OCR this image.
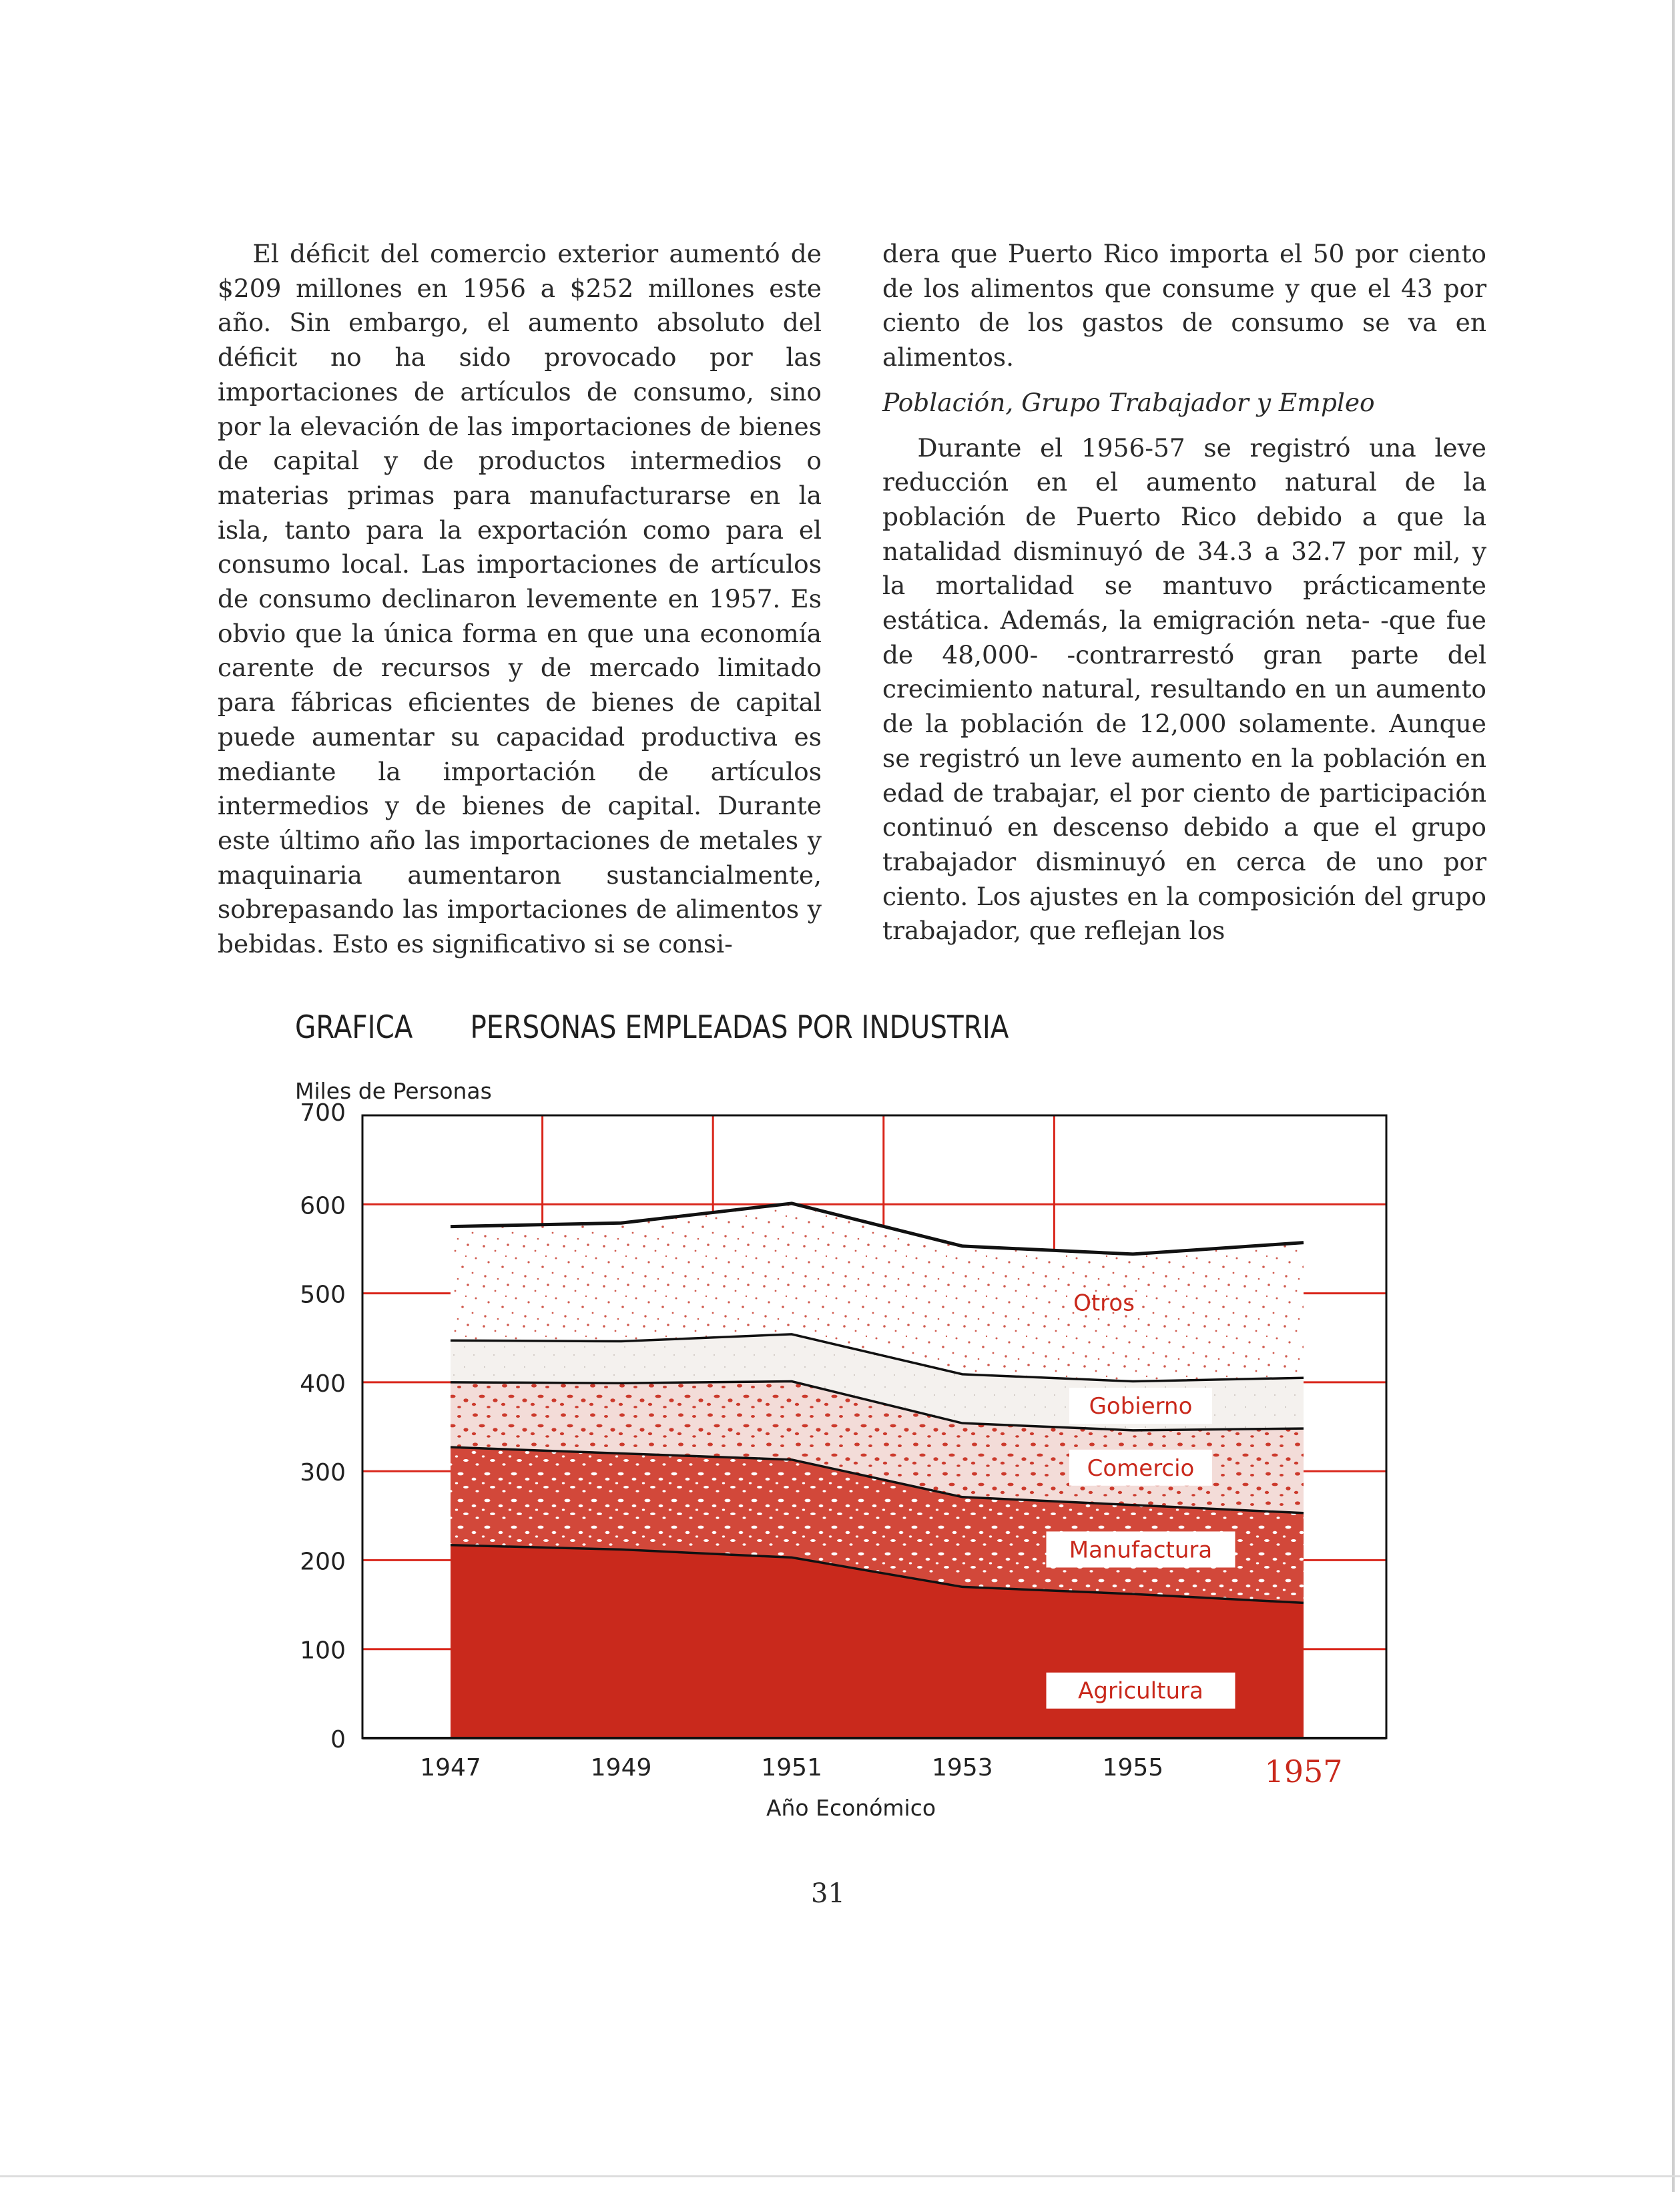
El déficit del comercio exterior aumentó de $209 millones en 1956 a $252 millones este año. Sin embargo, el aumento absoluto del déficit no ha sido provocado por las importaciones de artículos de consumo, sino por la elevación de las importaciones de bienes de capital y de productos intermedios o materias primas para manufacturarse en la isla, tanto para la exportación como para el consumo local. Las importaciones de artículos de consumo declinaron levemente en 1957. Es obvio que la única forma en que una economía carente de recursos y de mercado limitado para fábricas eficientes de bienes de capital puede aumentar su capacidad productiva es mediante la importación de artículos intermedios y de bienes de capital. Durante este último año las importaciones de metales y maquinaria aumentaron sustancialmente, sobrepasando las importaciones de alimentos y bebidas. Esto es significativo si se consi-

dera que Puerto Rico importa el 50 por ciento de los alimentos que consume y que el 43 por ciento de los gastos de consumo se va en alimentos.

Población, Grupo Trabajador y Empleo

Durante el 1956-57 se registró una leve reducción en el aumento natural de la población de Puerto Rico debido a que la natalidad disminuyó de 34.3 a 32.7 por mil, y la mortalidad se mantuvo prácticamente estática. Además, la emigración neta- -que fue de 48,000- -contrarrestó gran parte del crecimiento natural, resultando en un aumento de la población de 12,000 solamente. Aunque se registró un leve aumento en la población en edad de trabajar, el por ciento de participación continuó en descenso debido a que el grupo trabajador disminuyó en cerca de uno por ciento. Los ajustes en la composición del grupo trabajador, que reflejan los

GRAFICA PERSONAS EMPLEADAS POR INDUSTRIA
Agricultura
Manufactura
Comercio
Gobierno
Otros
700
600
500
400
300
200
100
0
1947	1949	1951	1953	1955	1957
Miles de Personas
Año Económico
31
